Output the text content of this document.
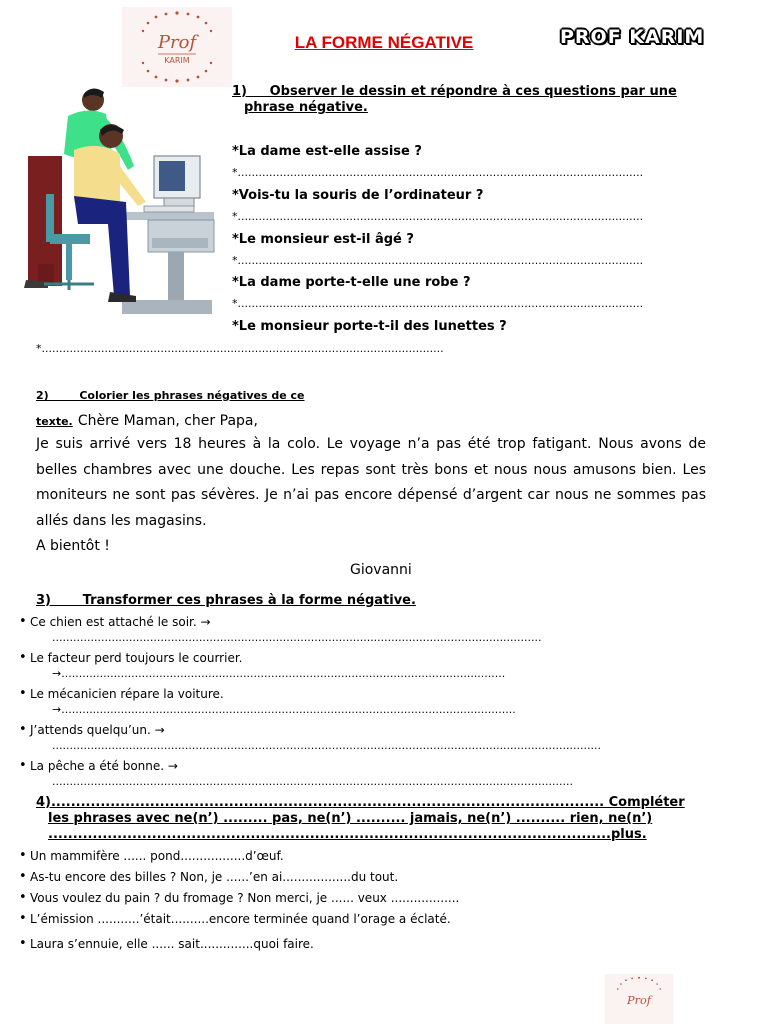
Prof
KARIM
LA FORME NÉGATIVE	PROF KARIM
1)     Observer le dessin et répondre à ces questions par une
phrase négative.
*La dame est-elle assise ?
*....................................................................................................................
*Vois-tu la souris de l’ordinateur ?
*....................................................................................................................
*Le monsieur est-il âgé ?
*....................................................................................................................
*La dame porte-t-elle une robe ?
*....................................................................................................................
*Le monsieur porte-t-il des lunettes ?
*...................................................................................................................
2)        Colorier les phrases négatives de ce
texte. Chère Maman, cher Papa,
Je suis arrivé vers 18 heures à la colo. Le voyage n’a pas été trop fatigant. Nous avons de belles chambres avec une douche. Les repas sont très bons et nous nous amusons bien. Les moniteurs ne sont pas sévères. Je n’ai pas encore dépensé d’argent car nous ne sommes pas allés dans les magasins.
A bientôt !
Giovanni
3)       Transformer ces phrases à la forme négative.
• Ce chien est attaché le soir. →
• Le facteur perd toujours le courrier.
• Le mécanicien répare la voiture.
• J’attends quelqu’un. →
• La pêche a été bonne. →
............................................................................................................................................
→...............................................................................................................................
→..................................................................................................................................
.............................................................................................................................................................
.....................................................................................................................................................
4)................................................................................................................ Compléter
les phrases avec ne(n’) ......... pas, ne(n’) .......... jamais, ne(n’) .......... rien, ne(n’)
..................................................................................................................plus.
• Un mammifère ...... pond.................d’œuf.
• As-tu encore des billes ? Non, je ......’en ai..................du tout.
• Vous voulez du pain ? du fromage ? Non merci, je ...... veux ..................
• L’émission ...........’était..........encore terminée quand l’orage a éclaté.
• Laura s’ennuie, elle ...... sait..............quoi faire.
Prof
